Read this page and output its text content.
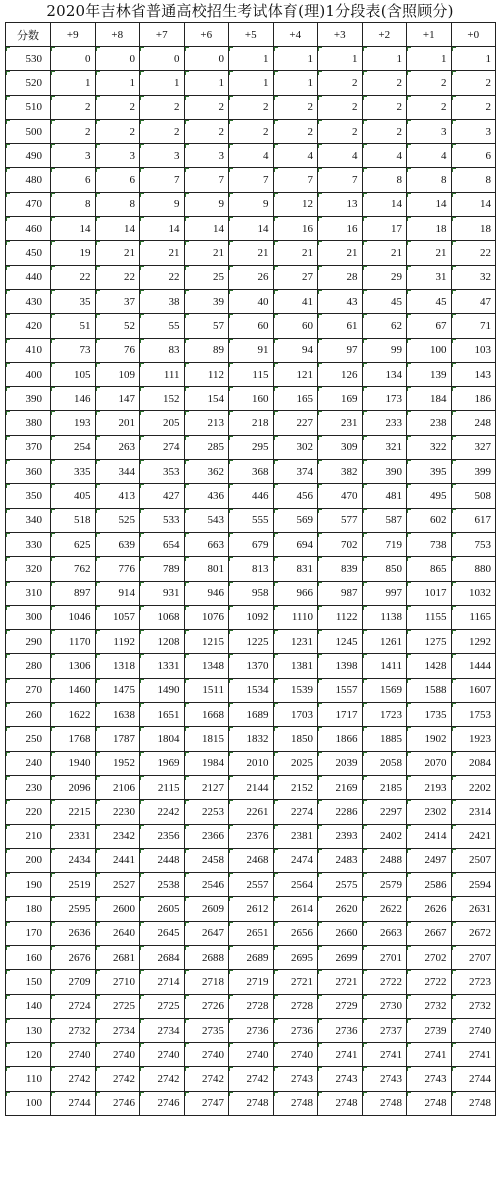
2020年吉林省普通高校招生考试体育(理)1分段表(含照顾分)
分数	+9	+8	+7	+6	+5	+4	+3	+2	+1	+0
530	0	0	0	0	1	1	1	1	1	1
520	1	1	1	1	1	1	2	2	2	2
510	2	2	2	2	2	2	2	2	2	2
500	2	2	2	2	2	2	2	2	3	3
490	3	3	3	3	4	4	4	4	4	6
480	6	6	7	7	7	7	7	8	8	8
470	8	8	9	9	9	12	13	14	14	14
460	14	14	14	14	14	16	16	17	18	18
450	19	21	21	21	21	21	21	21	21	22
440	22	22	22	25	26	27	28	29	31	32
430	35	37	38	39	40	41	43	45	45	47
420	51	52	55	57	60	60	61	62	67	71
410	73	76	83	89	91	94	97	99	100	103
400	105	109	111	112	115	121	126	134	139	143
390	146	147	152	154	160	165	169	173	184	186
380	193	201	205	213	218	227	231	233	238	248
370	254	263	274	285	295	302	309	321	322	327
360	335	344	353	362	368	374	382	390	395	399
350	405	413	427	436	446	456	470	481	495	508
340	518	525	533	543	555	569	577	587	602	617
330	625	639	654	663	679	694	702	719	738	753
320	762	776	789	801	813	831	839	850	865	880
310	897	914	931	946	958	966	987	997	1017	1032
300	1046	1057	1068	1076	1092	1110	1122	1138	1155	1165
290	1170	1192	1208	1215	1225	1231	1245	1261	1275	1292
280	1306	1318	1331	1348	1370	1381	1398	1411	1428	1444
270	1460	1475	1490	1511	1534	1539	1557	1569	1588	1607
260	1622	1638	1651	1668	1689	1703	1717	1723	1735	1753
250	1768	1787	1804	1815	1832	1850	1866	1885	1902	1923
240	1940	1952	1969	1984	2010	2025	2039	2058	2070	2084
230	2096	2106	2115	2127	2144	2152	2169	2185	2193	2202
220	2215	2230	2242	2253	2261	2274	2286	2297	2302	2314
210	2331	2342	2356	2366	2376	2381	2393	2402	2414	2421
200	2434	2441	2448	2458	2468	2474	2483	2488	2497	2507
190	2519	2527	2538	2546	2557	2564	2575	2579	2586	2594
180	2595	2600	2605	2609	2612	2614	2620	2622	2626	2631
170	2636	2640	2645	2647	2651	2656	2660	2663	2667	2672
160	2676	2681	2684	2688	2689	2695	2699	2701	2702	2707
150	2709	2710	2714	2718	2719	2721	2721	2722	2722	2723
140	2724	2725	2725	2726	2728	2728	2729	2730	2732	2732
130	2732	2734	2734	2735	2736	2736	2736	2737	2739	2740
120	2740	2740	2740	2740	2740	2740	2741	2741	2741	2741
110	2742	2742	2742	2742	2742	2743	2743	2743	2743	2744
100	2744	2746	2746	2747	2748	2748	2748	2748	2748	2748
